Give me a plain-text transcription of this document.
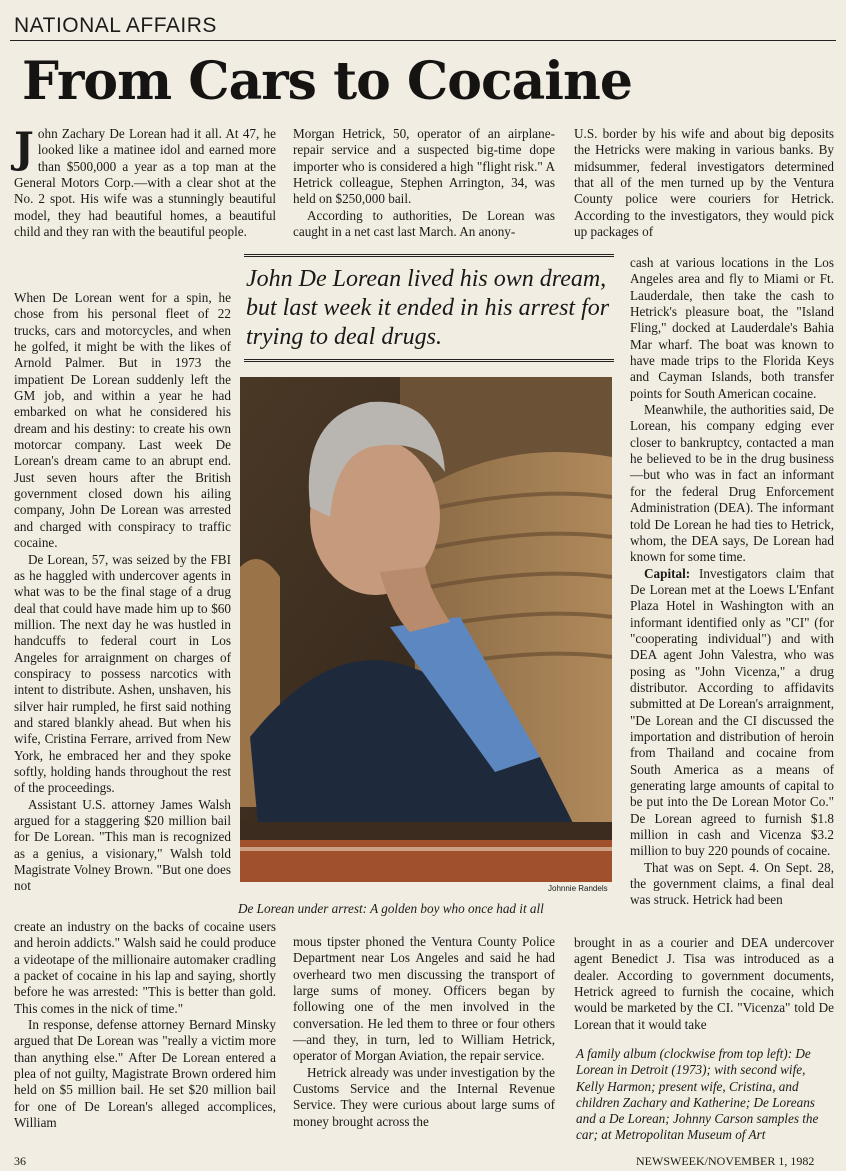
NATIONAL AFFAIRS
From Cars to Cocaine

John Zachary De Lorean had it all. At 47, he looked like a matinee idol and earned more than $500,000 a year as a top man at the General Motors Corp.—with a clear shot at the No. 2 spot. His wife was a stunningly beautiful model, they had beautiful homes, a beautiful child and they ran with the beautiful people.

When De Lorean went for a spin, he chose from his personal fleet of 22 trucks, cars and motorcycles, and when he golfed, it might be with the likes of Arnold Palmer. But in 1973 the impatient De Lorean suddenly left the GM job, and within a year he had embarked on what he considered his dream and his destiny: to create his own motorcar company. Last week De Lorean's dream came to an abrupt end. Just seven hours after the British government closed down his ailing company, John De Lorean was arrested and charged with conspiracy to traffic cocaine.

De Lorean, 57, was seized by the FBI as he haggled with undercover agents in what was to be the final stage of a drug deal that could have made him up to $60 million. The next day he was hustled in handcuffs to federal court in Los Angeles for arraignment on charges of conspiracy to possess narcotics with intent to distribute. Ashen, unshaven, his silver hair rumpled, he first said nothing and stared blankly ahead. But when his wife, Cristina Ferrare, arrived from New York, he embraced her and they spoke softly, holding hands throughout the rest of the proceedings.

Assistant U.S. attorney James Walsh argued for a staggering $20 million bail for De Lorean. "This man is recognized as a genius, a visionary," Walsh told Magistrate Volney Brown. "But one does not

create an industry on the backs of cocaine users and heroin addicts." Walsh said he could produce a videotape of the millionaire automaker cradling a packet of cocaine in his lap and saying, shortly before he was arrested: "This is better than gold. This comes in the nick of time."

In response, defense attorney Bernard Minsky argued that De Lorean was "really a victim more than anything else." After De Lorean entered a plea of not guilty, Magistrate Brown ordered him held on $5 million bail. He set $20 million bail for one of De Lorean's alleged accomplices, William

Morgan Hetrick, 50, operator of an airplane-repair service and a suspected big-time dope importer who is considered a high "flight risk." A Hetrick colleague, Stephen Arrington, 34, was held on $250,000 bail.

According to authorities, De Lorean was caught in a net cast last March. An anony-

John De Lorean lived his own dream, but last week it ended in his arrest for trying to deal drugs.
Johnnie Randels
De Lorean under arrest: A golden boy who once had it all

mous tipster phoned the Ventura County Police Department near Los Angeles and said he had overheard two men discussing the transport of large sums of money. Officers began by following one of the men involved in the conversation. He led them to three or four others—and they, in turn, led to William Hetrick, operator of Morgan Aviation, the repair service.

Hetrick already was under investigation by the Customs Service and the Internal Revenue Service. They were curious about large sums of money brought across the

U.S. border by his wife and about big deposits the Hetricks were making in various banks. By midsummer, federal investigators determined that all of the men turned up by the Ventura County police were couriers for Hetrick. According to the investigators, they would pick up packages of

cash at various locations in the Los Angeles area and fly to Miami or Ft. Lauderdale, then take the cash to Hetrick's pleasure boat, the "Island Fling," docked at Lauderdale's Bahia Mar wharf. The boat was known to have made trips to the Florida Keys and Cayman Islands, both transfer points for South American cocaine.

Meanwhile, the authorities said, De Lorean, his company edging ever closer to bankruptcy, contacted a man he believed to be in the drug business—but who was in fact an informant for the federal Drug Enforcement Administration (DEA). The informant told De Lorean he had ties to Hetrick, whom, the DEA says, De Lorean had known for some time.

Capital: Investigators claim that De Lorean met at the Loews L'Enfant Plaza Hotel in Washington with an informant identified only as "CI" (for "cooperating individual") and with DEA agent John Valestra, who was posing as "John Vicenza," a drug distributor. According to affidavits submitted at De Lorean's arraignment, "De Lorean and the CI discussed the importation and distribution of heroin from Thailand and cocaine from South America as a means of generating large amounts of capital to be put into the De Lorean Motor Co." De Lorean agreed to furnish $1.8 million in cash and Vicenza $3.2 million to buy 220 pounds of cocaine.

That was on Sept. 4. On Sept. 28, the government claims, a final deal was struck. Hetrick had been

brought in as a courier and DEA undercover agent Benedict J. Tisa was introduced as a dealer. According to government documents, Hetrick agreed to furnish the cocaine, which would be marketed by the CI. "Vicenza" told De Lorean that it would take

A family album (clockwise from top left): De Lorean in Detroit (1973); with second wife, Kelly Harmon; present wife, Cristina, and children Zachary and Katherine; De Loreans and a De Lorean; Johnny Carson samples the car; at Metropolitan Museum of Art
36	NEWSWEEK/NOVEMBER 1, 1982
